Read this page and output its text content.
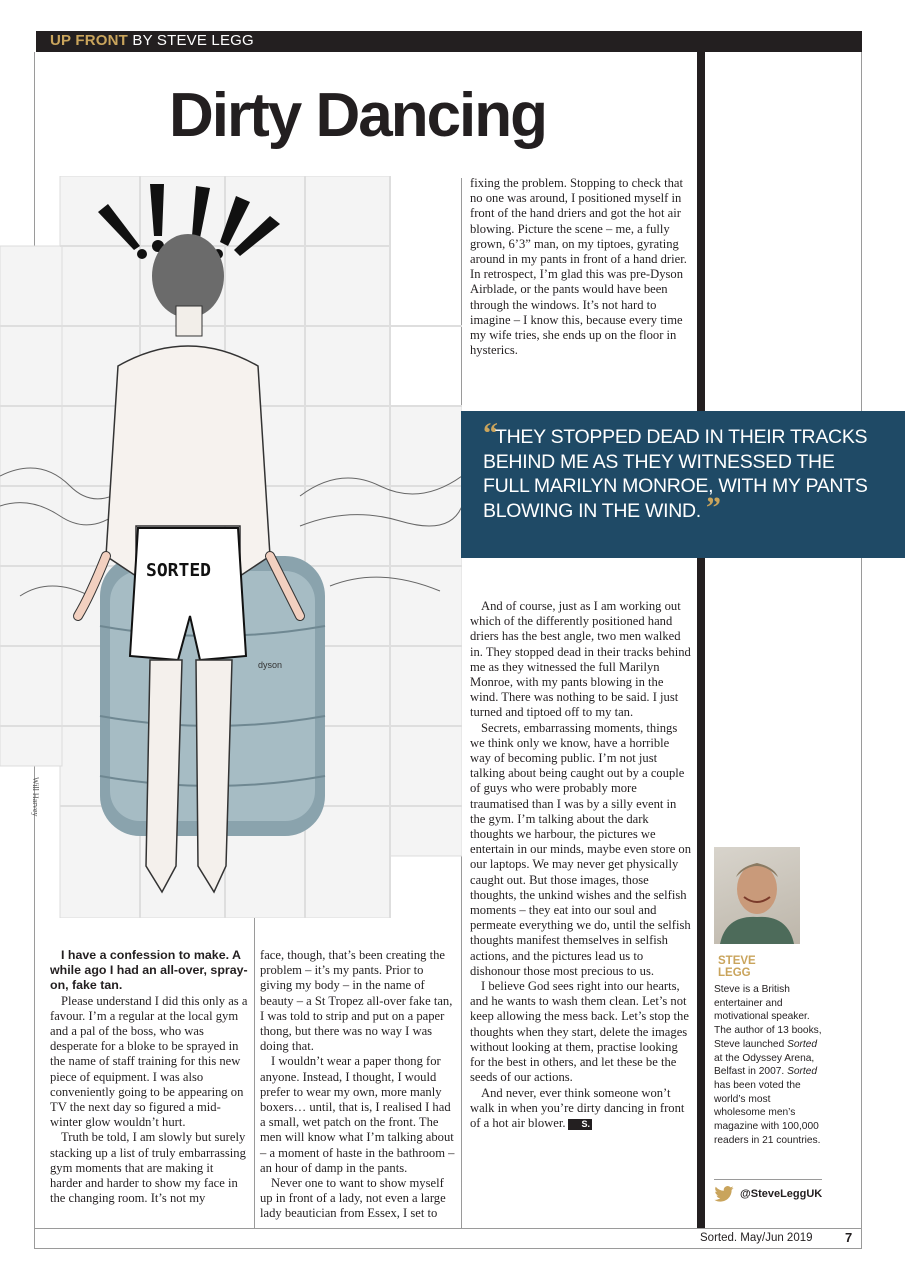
UP FRONT BY STEVE LEGG
Dirty Dancing
dyson
SORTED
Will Harvey

fixing the problem. Stopping to check that no one was around, I positioned myself in front of the hand driers and got the hot air blowing. Picture the scene – me, a fully grown, 6’3” man, on my tiptoes, gyrating around in my pants in front of a hand drier. In retrospect, I’m glad this was pre-Dyson Airblade, or the pants would have been through the windows. It’s not hard to imagine – I know this, because every time my wife tries, she ends up on the floor in hysterics.

“THEY STOPPED DEAD IN THEIR TRACKS BEHIND ME AS THEY WITNESSED THE FULL MARILYN MONROE, WITH MY PANTS BLOWING IN THE WIND. ”

I have a confession to make. A while ago I had an all-over, spray-on, fake tan.

Please understand I did this only as a favour. I’m a regular at the local gym and a pal of the boss, who was desperate for a bloke to be sprayed in the name of staff training for this new piece of equipment. I was also conveniently going to be appearing on TV the next day so figured a mid-winter glow wouldn’t hurt.

Truth be told, I am slowly but surely stacking up a list of truly embarrassing gym moments that are making it harder and harder to show my face in the changing room. It’s not my

face, though, that’s been creating the problem – it’s my pants. Prior to giving my body – in the name of beauty – a St Tropez all-over fake tan, I was told to strip and put on a paper thong, but there was no way I was doing that.

I wouldn’t wear a paper thong for anyone. Instead, I thought, I would prefer to wear my own, more manly boxers… until, that is, I realised I had a small, wet patch on the front. The men will know what I’m talking about – a moment of haste in the bathroom – an hour of damp in the pants.

Never one to want to show myself up in front of a lady, not even a large lady beautician from Essex, I set to

And of course, just as I am working out which of the differently positioned hand driers has the best angle, two men walked in. They stopped dead in their tracks behind me as they witnessed the full Marilyn Monroe, with my pants blowing in the wind. There was nothing to be said. I just turned and tiptoed off to my tan.

Secrets, embarrassing moments, things we think only we know, have a horrible way of becoming public. I’m not just talking about being caught out by a couple of guys who were probably more traumatised than I was by a silly event in the gym. I’m talking about the dark thoughts we harbour, the pictures we entertain in our minds, maybe even store on our laptops. We may never get physically caught out. But those images, those thoughts, the unkind wishes and the selfish moments – they eat into our soul and permeate everything we do, until the selfish thoughts manifest themselves in selfish actions, and the pictures lead us to dishonour those most precious to us.

I believe God sees right into our hearts, and he wants to wash them clean. Let’s not keep allowing the mess back. Let’s stop the thoughts when they start, delete the images without looking at them, practise looking for the best in others, and let these be the seeds of our actions.

And never, ever think someone won’t walk in when you’re dirty dancing in front of a hot air blower. S.

STEVE
LEGG
Steve is a British entertainer and motivational speaker. The author of 13 books, Steve launched Sorted at the Odyssey Arena, Belfast in 2007. Sorted has been voted the world’s most wholesome men’s magazine with 100,000 readers in 21 countries.
@SteveLeggUK
Sorted. May/Jun 2019 7
